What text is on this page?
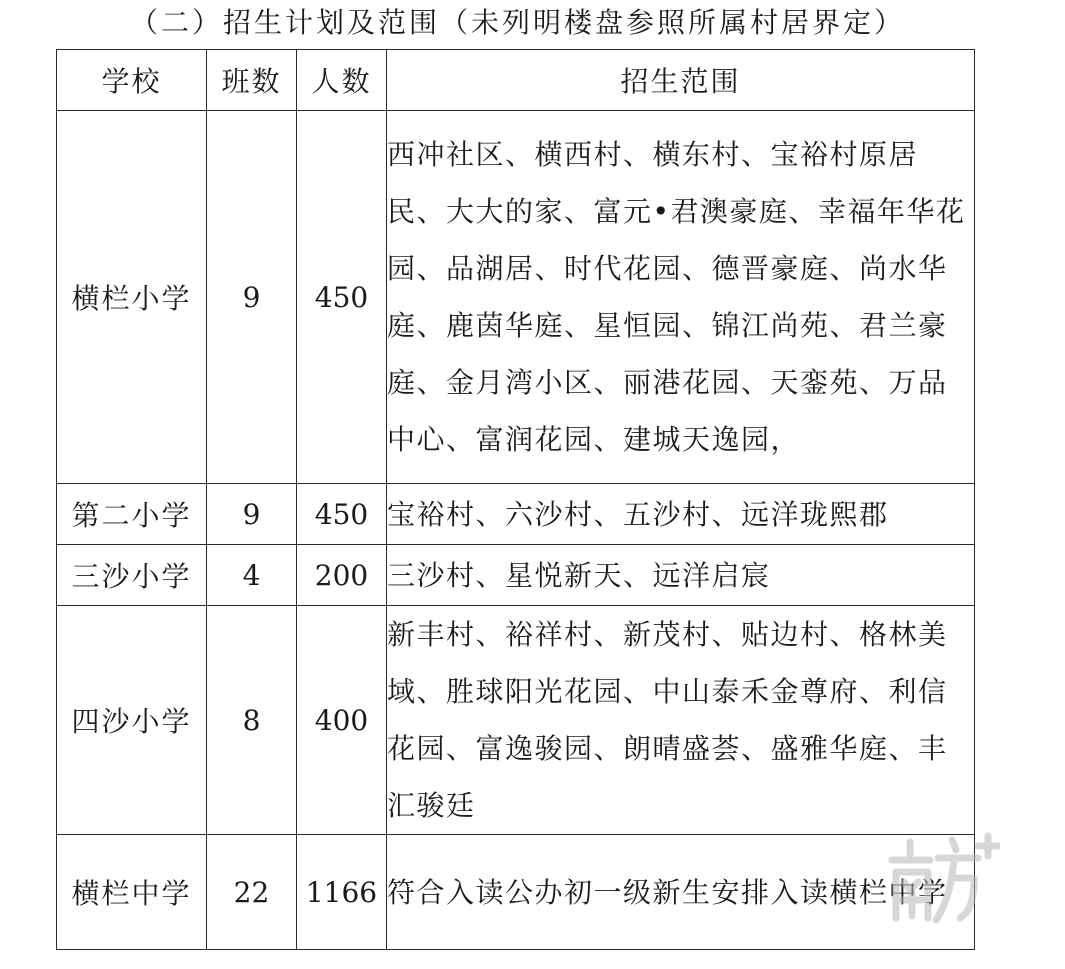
（二）招生计划及范围（未列明楼盘参照所属村居界定）
学校	班数	人数	招生范围
横栏小学	9	450	西冲社区、横西村、横东村、宝裕村原居民、大大的家、富元•君澳豪庭、幸福年华花园、品湖居、时代花园、德晋豪庭、尚水华庭、鹿茵华庭、星恒园、锦江尚苑、君兰豪庭、金月湾小区、丽港花园、天銮苑、万品中心、富润花园、建城天逸园，
第二小学	9	450	宝裕村、六沙村、五沙村、远洋珑熙郡
三沙小学	4	200	三沙村、星悦新天、远洋启宸
四沙小学	8	400	新丰村、裕祥村、新茂村、贴边村、格林美域、胜球阳光花园、中山泰禾金尊府、利信花园、富逸骏园、朗晴盛荟、盛雅华庭、丰汇骏廷
横栏中学	22	1166	符合入读公办初一级新生安排入读横栏中学
